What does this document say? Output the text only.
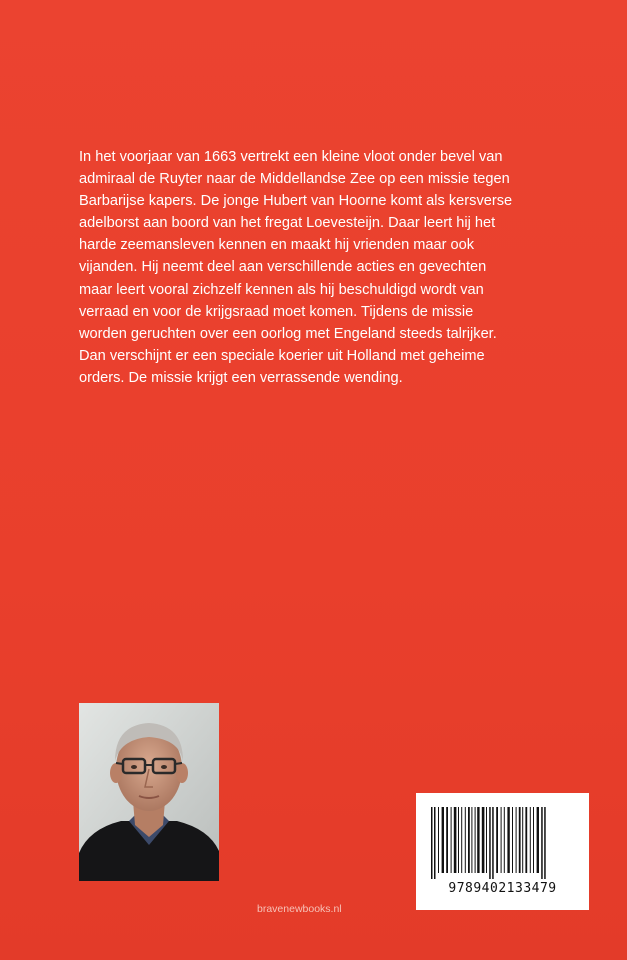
In het voorjaar van 1663 vertrekt een kleine vloot onder bevel van

admiraal de Ruyter naar de Middellandse Zee op een missie tegen

Barbarijse kapers. De jonge Hubert van Hoorne komt als kersverse

adelborst aan boord van het fregat Loevesteijn. Daar leert hij het

harde zeemansleven kennen en maakt hij vrienden maar ook

vijanden. Hij neemt deel aan verschillende acties en gevechten

maar leert vooral zichzelf kennen als hij beschuldigd wordt van

verraad en voor de krijgsraad moet komen. Tijdens de missie

worden geruchten over een oorlog met Engeland steeds talrijker.

Dan verschijnt er een speciale koerier uit Holland met geheime

orders. De missie krijgt een verrassende wending.

9789402133479
bravenewbooks.nl
